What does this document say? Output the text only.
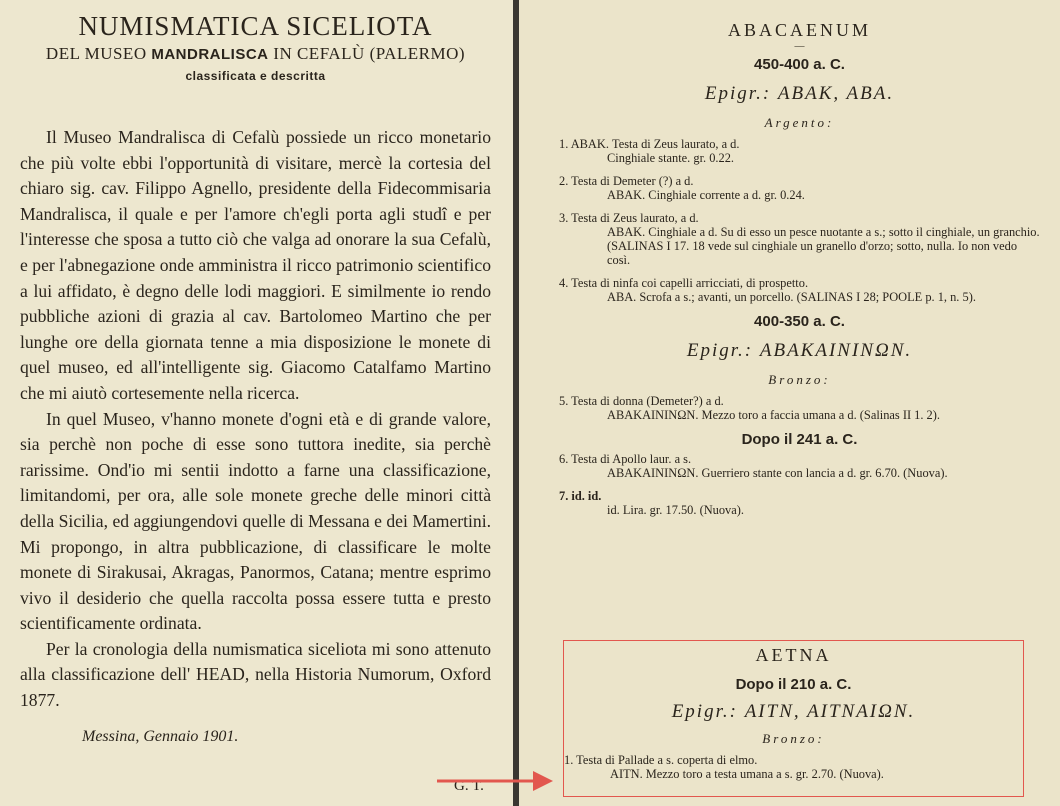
NUMISMATICA SICELIOTA

DEL MUSEO MANDRALISCA IN CEFALÙ (PALERMO)

classificata e descritta

Il Museo Mandralisca di Cefalù possiede un ricco monetario che più volte ebbi l'opportunità di visitare, mercè la cortesia del chiaro sig. cav. Filippo Agnello, presidente della Fidecommisaria Mandralisca, il quale e per l'amore ch'egli porta agli studî e per l'interesse che sposa a tutto ciò che valga ad onorare la sua Cefalù, e per l'abnegazione onde amministra il ricco patrimonio scientifico a lui affidato, è degno delle lodi maggiori. E similmente io rendo pubbliche azioni di grazia al cav. Bartolomeo Martino che per lunghe ore della giornata tenne a mia disposizione le monete di quel museo, ed all'intelligente sig. Giacomo Catalfamo Martino che mi aiutò cortesemente nella ricerca.

In quel Museo, v'hanno monete d'ogni età e di grande valore, sia perchè non poche di esse sono tuttora inedite, sia perchè rarissime. Ond'io mi sentii indotto a farne una classificazione, limitandomi, per ora, alle sole monete greche delle minori città della Sicilia, ed aggiungendovi quelle di Messana e dei Mamertini. Mi propongo, in altra pubblicazione, di classificare le molte monete di Sirakusai, Akragas, Panormos, Catana; mentre esprimo vivo il desiderio che quella raccolta possa essere tutta e presto scientificamente ordinata.

Per la cronologia della numismatica siceliota mi sono attenuto alla classificazione dell' HEAD, nella Historia Numorum, Oxford 1877.

Messina, Gennaio 1901.
G. T.

ABACAENUM

—

450-400 a. C.

Epigr.: ΑΒΑΚ, ΑΒΑ.

Argento:

1. ΑΒΑΚ. Testa di Zeus laurato, a d.
Cinghiale stante. gr. 0.22.
2. Testa di Demeter (?) a d.
ABAK. Cinghiale corrente a d. gr. 0.24.
3. Testa di Zeus laurato, a d.
ABAK. Cinghiale a d. Su di esso un pesce nuotante a s.; sotto il cinghiale, un granchio. (SALINAS I 17. 18 vede sul cinghiale un granello d'orzo; sotto, nulla. Io non vedo così.
4. Testa di ninfa coi capelli arricciati, di prospetto.
ABA. Scrofa a s.; avanti, un porcello. (SALINAS I 28; POOLE p. 1, n. 5).

400-350 a. C.

Epigr.: ΑΒΑΚΑΙΝΙΝΩΝ.

Bronzo:

5. Testa di donna (Demeter?) a d.
ABAKAININΩN. Mezzo toro a faccia umana a d. (Salinas II 1. 2).

Dopo il 241 a. C.

6. Testa di Apollo laur. a s.
ABAKAININΩN. Guerriero stante con lancia a d. gr. 6.70. (Nuova).
7. id. id.
id. Lira. gr. 17.50. (Nuova).

AETNA

Dopo il 210 a. C.

Epigr.: ΑΙΤΝ, ΑΙΤΝΑΙΩΝ.

Bronzo:

1. Testa di Pallade a s. coperta di elmo.
AITN. Mezzo toro a testa umana a s. gr. 2.70. (Nuova).
